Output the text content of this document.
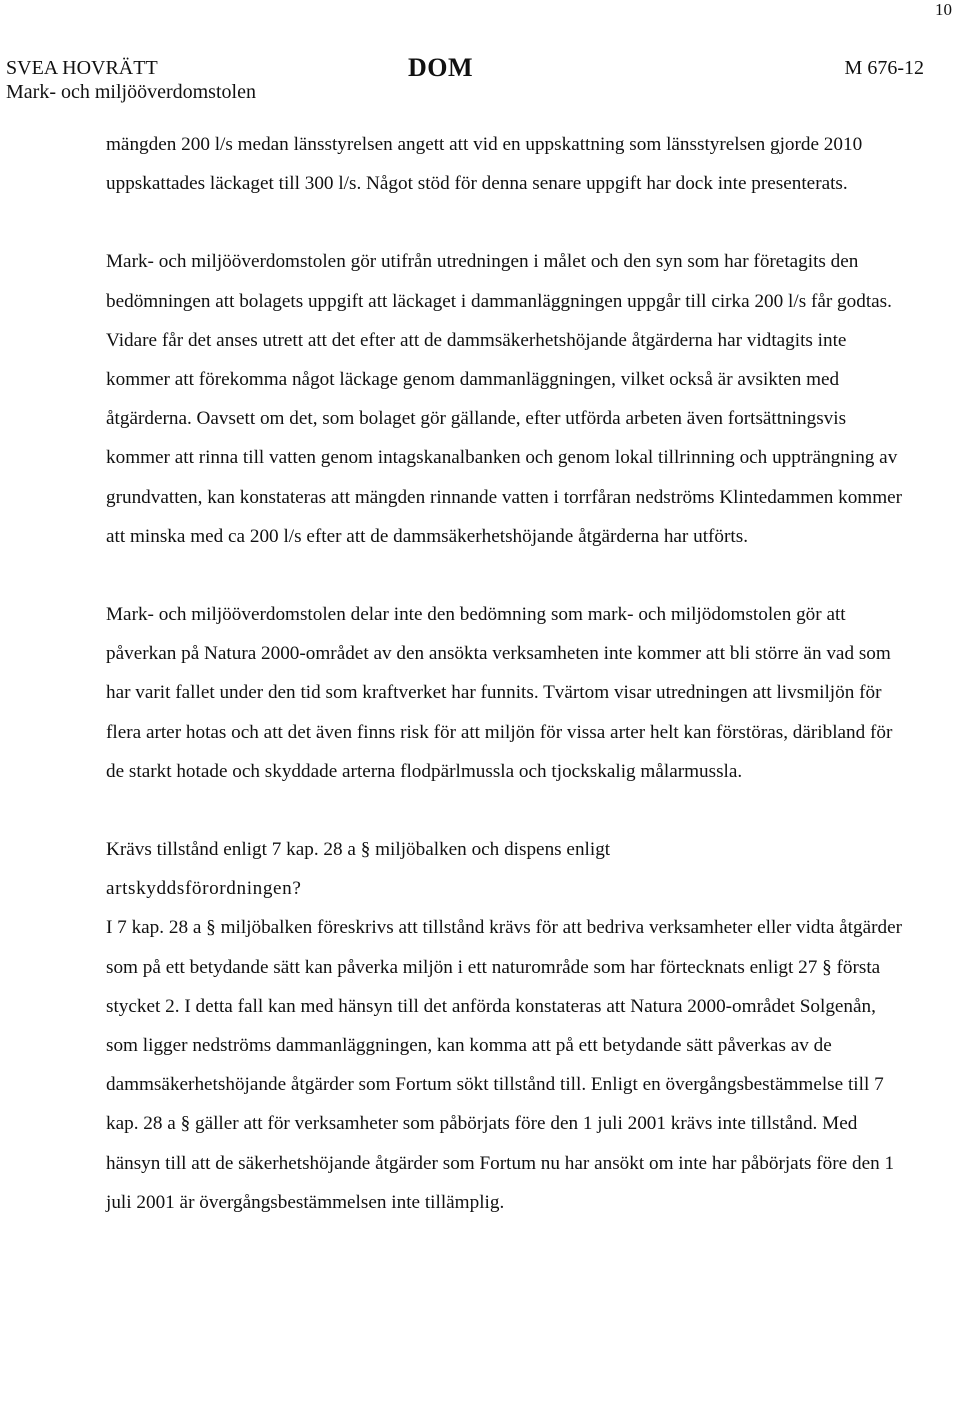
10
SVEA HOVRÄTT
Mark- och miljööverdomstolen
DOM	M 676-12

mängden 200 l/s medan länsstyrelsen angett att vid en uppskattning som länsstyrelsen gjorde 2010 uppskattades läckaget till 300 l/s. Något stöd för denna senare uppgift har dock inte presenterats.

Mark- och miljööverdomstolen gör utifrån utredningen i målet och den syn som har företagits den bedömningen att bolagets uppgift att läckaget i dammanläggningen uppgår till cirka 200 l/s får godtas. Vidare får det anses utrett att det efter att de dammsäkerhetshöjande åtgärderna har vidtagits inte kommer att förekomma något läckage genom dammanläggningen, vilket också är avsikten med åtgärderna. Oavsett om det, som bolaget gör gällande, efter utförda arbeten även fortsättningsvis kommer att rinna till vatten genom intagskanalbanken och genom lokal tillrinning och uppträngning av grundvatten, kan konstateras att mängden rinnande vatten i torrfåran nedströms Klintedammen kommer att minska med ca 200 l/s efter att de dammsäkerhetshöjande åtgärderna har utförts.

Mark- och miljööverdomstolen delar inte den bedömning som mark- och miljödomstolen gör att påverkan på Natura 2000-området av den ansökta verksamheten inte kommer att bli större än vad som har varit fallet under den tid som kraftverket har funnits. Tvärtom visar utredningen att livsmiljön för flera arter hotas och att det även finns risk för att miljön för vissa arter helt kan förstöras, däribland för de starkt hotade och skyddade arterna flodpärlmussla och tjockskalig målarmussla.

Krävs tillstånd enligt 7 kap. 28 a § miljöbalken och dispens enligt
artskyddsförordningen?

I 7 kap. 28 a § miljöbalken föreskrivs att tillstånd krävs för att bedriva verksamheter eller vidta åtgärder som på ett betydande sätt kan påverka miljön i ett naturområde som har förtecknats enligt 27 § första stycket 2. I detta fall kan med hänsyn till det anförda konstateras att Natura 2000-området Solgenån, som ligger nedströms dammanläggningen, kan komma att på ett betydande sätt påverkas av de dammsäkerhetshöjande åtgärder som Fortum sökt tillstånd till. Enligt en övergångsbestämmelse till 7 kap. 28 a § gäller att för verksamheter som påbörjats före den 1 juli 2001 krävs inte tillstånd. Med hänsyn till att de säkerhetshöjande åtgärder som Fortum nu har ansökt om inte har påbörjats före den 1 juli 2001 är övergångsbestämmelsen inte tillämplig.
